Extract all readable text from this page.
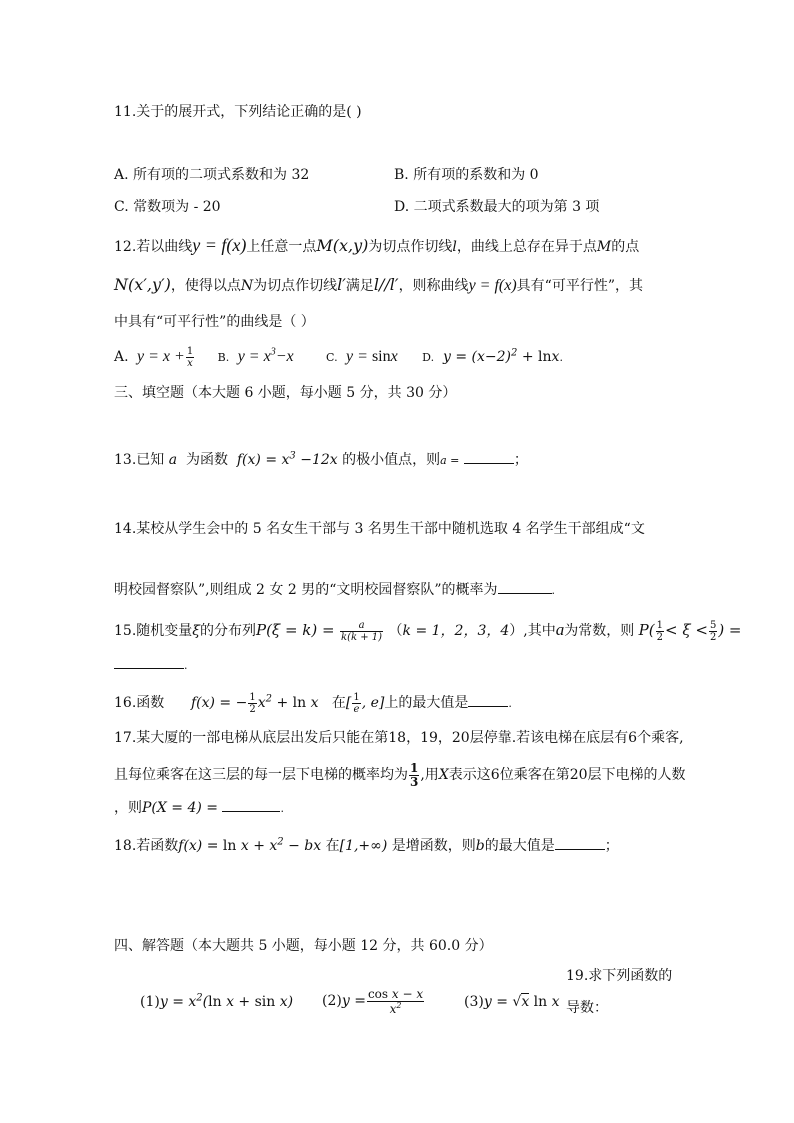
11.关于的展开式，下列结论正确的是( )
A. 所有项的二项式系数和为 32	B. 所有项的系数和为 0
C. 常数项为 - 20	D. 二项式系数最大的项为第 3 项
12.若以曲线y = f(x)上任意一点M(x,y)为切点作切线l，曲线上总存在异于点M的点
N(x′,y′)，使得以点N为切点作切线l′满足l//l′，则称曲线y = f(x)具有“可平行性”，其
中具有“可平行性”的曲线是（ ）
A.  $y = x + \frac{1}{x} B$.  $y = x^3-x$	C.  y = sinx D.  $y = (x-2)^2 + \ln x$.
三、填空题（本大题 6 小题，每小题 5 分，共 30 分）
13.已知 a  为函数 $f(x) = x^3 -12x$ 的极小值点，则a =	；
14.某校从学生会中的 5 名女生干部与 3 名男生干部中随机选取 4 名学生干部组成“文
明校园督察队”,则组成 2 女 2 男的“文明校园督察队”的概率为	.
15.随机变量ξ的分布列$P(\xi = k) = \frac{a}{k(k + 1)} (k = 1$，2，3，4）,其中a为常数，则 $P( \frac{1}{2} < \xi < \frac{5}{2}$ ) =
.
16.函数 f(x) = − $\frac{1}{2} x^2 + \ln x$ 在[ $\frac{1}{e}$ , e]上的最大值是	.
17.某大厦的一部电梯从底层出发后只能在第18，19，20层停靠.若该电梯在底层有6个乘客,
且每位乘客在这三层的每一层下电梯的概率均为 $\frac{1}{3}$ ,用X表示这6位乘客在第20层下电梯的人数
，则P(X = 4) =	.
18.若函数$f(x) = \ln x + x^2$ − bx 在[1,+∞) 是增函数，则b的最大值是	；
四、解答题（本大题共 5 小题，每小题 12 分，共 60.0 分）
19.求下列函数的
导数：
$(1)y = x^2(\ln$ x + sin x) $(2)y = \frac{\text{cos x − x}}{x^2}$	(3)y = √x ln x
